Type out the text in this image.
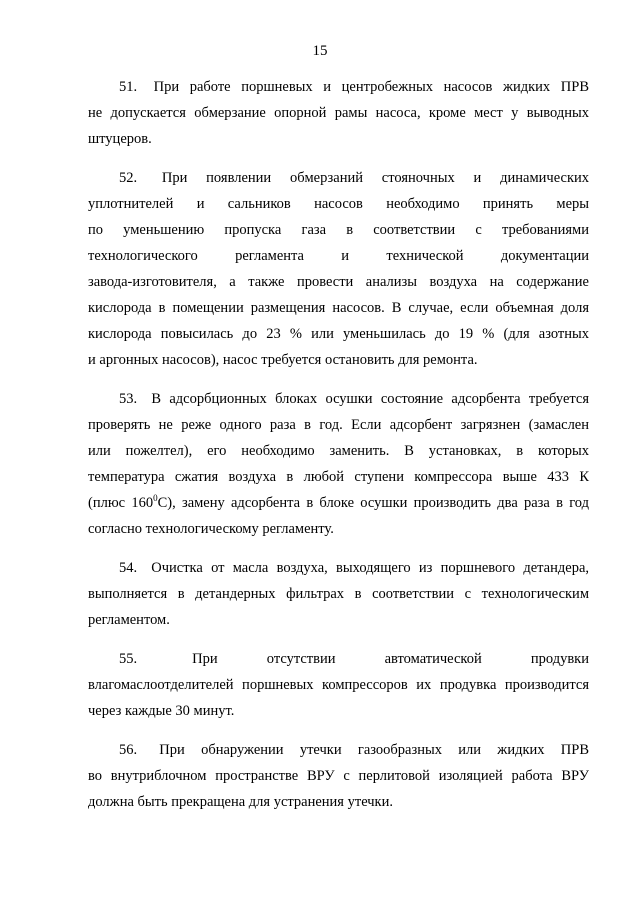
15
51. При работе поршневых и центробежных насосов жидких ПРВ
не допускается обмерзание опорной рамы насоса, кроме мест у выводных
штуцеров.
52. При появлении обмерзаний стояночных и динамических
уплотнителей и сальников насосов необходимо принять меры
по уменьшению пропуска газа в соответствии с требованиями
технологического регламента и технической документации
завода-изготовителя, а также провести анализы воздуха на содержание
кислорода в помещении размещения насосов. В случае, если объемная доля
кислорода повысилась до 23 % или уменьшилась до 19 % (для азотных
и аргонных насосов), насос требуется остановить для ремонта.
53. В адсорбционных блоках осушки состояние адсорбента требуется
проверять не реже одного раза в год. Если адсорбент загрязнен (замаслен
или пожелтел), его необходимо заменить. В установках, в которых
температура сжатия воздуха в любой ступени компрессора выше 433 К
(плюс $160^0С$), замену адсорбента в блоке осушки производить два раза в год
согласно технологическому регламенту.
54. Очистка от масла воздуха, выходящего из поршневого детандера,
выполняется в детандерных фильтрах в соответствии с технологическим
регламентом.
55.	При отсутствии автоматической продувки
влагомаслоотделителей поршневых компрессоров их продувка производится
через каждые 30 минут.
56. При обнаружении утечки газообразных или жидких ПРВ
во внутриблочном пространстве ВРУ с перлитовой изоляцией работа ВРУ
должна быть прекращена для устранения утечки.
